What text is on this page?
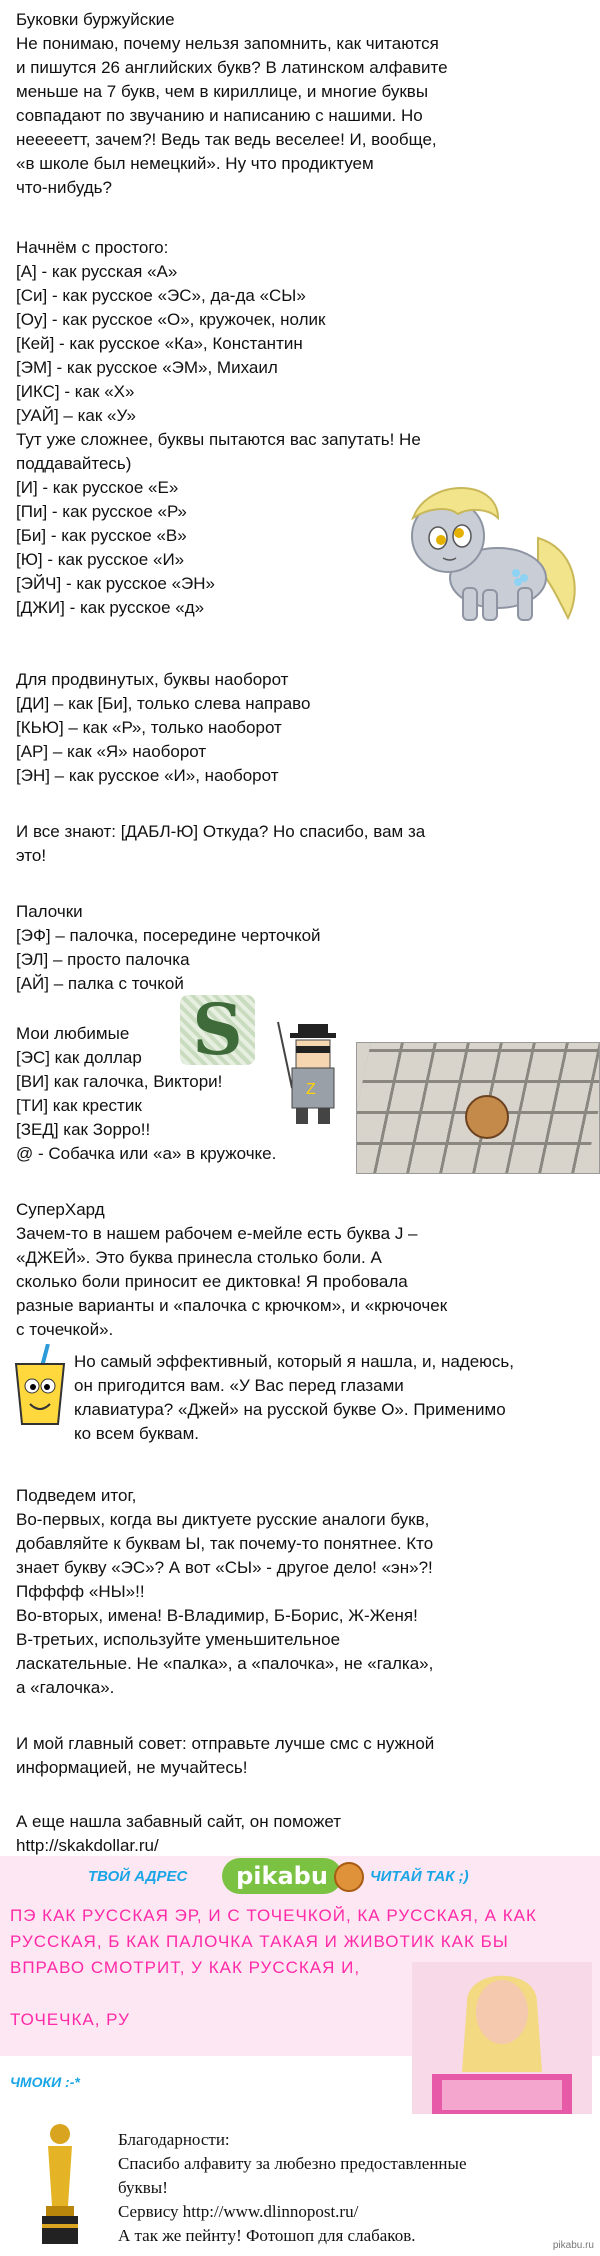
Буковки буржуйские
Не понимаю, почему нельзя запомнить, как читаются
и пишутся 26 английских букв? В латинском алфавите
меньше на 7 букв, чем в кириллице, и многие буквы
совпадают по звучанию и написанию с нашими. Но
нееееетт, зачем?! Ведь так ведь веселее! И, вообще,
«в школе был немецкий». Ну что продиктуем
что-нибудь?
Начнём с простого:
[А] - как русская «А»
[Си] - как русское «ЭС», да-да «СЫ»
[Оу] - как русское «О», кружочек, нолик
[Кей] - как русское «Ка», Константин
[ЭМ] - как русское «ЭМ», Михаил
[ИКС] - как «Х»
[УАЙ] – как «У»
Тут уже сложнее, буквы пытаются вас запутать! Не
поддавайтесь)
[И] - как русское «Е»
[Пи] - как русское «Р»
[Би] - как русское «В»
[Ю] - как русское «И»
[ЭЙЧ] - как русское «ЭН»
[ДЖИ] - как русское «д»
Для продвинутых, буквы наоборот
[ДИ] – как [Би], только слева направо
[КЬЮ] – как «Р», только наоборот
[АР] – как «Я» наоборот
[ЭН] – как русское «И», наоборот
И все знают: [ДАБЛ-Ю] Откуда? Но спасибо, вам за
это!
Палочки
[ЭФ] – палочка, посередине черточкой
[ЭЛ] – просто палочка
[АЙ] – палка с точкой
S
Мои любимые
[ЭС] как доллар
[ВИ] как галочка, Виктори!
[ТИ] как крестик
[ЗЕД] как Зорро!!
@ - Собачка или «а» в кружочке.
Z
СуперХард
Зачем-то в нашем рабочем е-мейле есть буква J –
«ДЖЕЙ». Это буква принесла столько боли. А
сколько боли приносит ее диктовка! Я пробовала
разные варианты и «палочка с крючком», и «крючочек
с точечкой».
Но самый эффективный, который я нашла, и, надеюсь,
он пригодится вам. «У Вас перед глазами
клавиатура? «Джей» на русской букве О». Применимо
ко всем буквам.
Подведем итог,
Во-первых, когда вы диктуете русские аналоги букв,
добавляйте к буквам Ы, так почему-то понятнее. Кто
знает букву «ЭС»? А вот «СЫ» - другое дело! «эн»?!
Пфффф «НЫ»!!
Во-вторых, имена! В-Владимир, Б-Борис, Ж-Женя!
В-третьих, используйте уменьшительное
ласкательные. Не «палка», а «палочка», не «галка»,
а «галочка».
И мой главный совет: отправьте лучше смс с нужной
информацией, не мучайтесь!
А еще нашла забавный сайт, он поможет
http://skakdollar.ru/
ТВОЙ АДРЕС	pikabu	ЧИТАЙ ТАК ;)
ПЭ КАК РУССКАЯ ЭР, И С ТОЧЕЧКОЙ, КА РУССКАЯ, А КАК
РУССКАЯ, Б КАК ПАЛОЧКА ТАКАЯ И ЖИВОТИК КАК БЫ
ВПРАВО СМОТРИТ, У КАК РУССКАЯ И,
ТОЧЕЧКА, РУ
ЧМОКИ :-*
Благодарности:
Спасибо алфавиту за любезно предоставленные
буквы!
Сервису http://www.dlinnopost.ru/
А так же пейнту! Фотошоп для слабаков.
pikabu.ru
